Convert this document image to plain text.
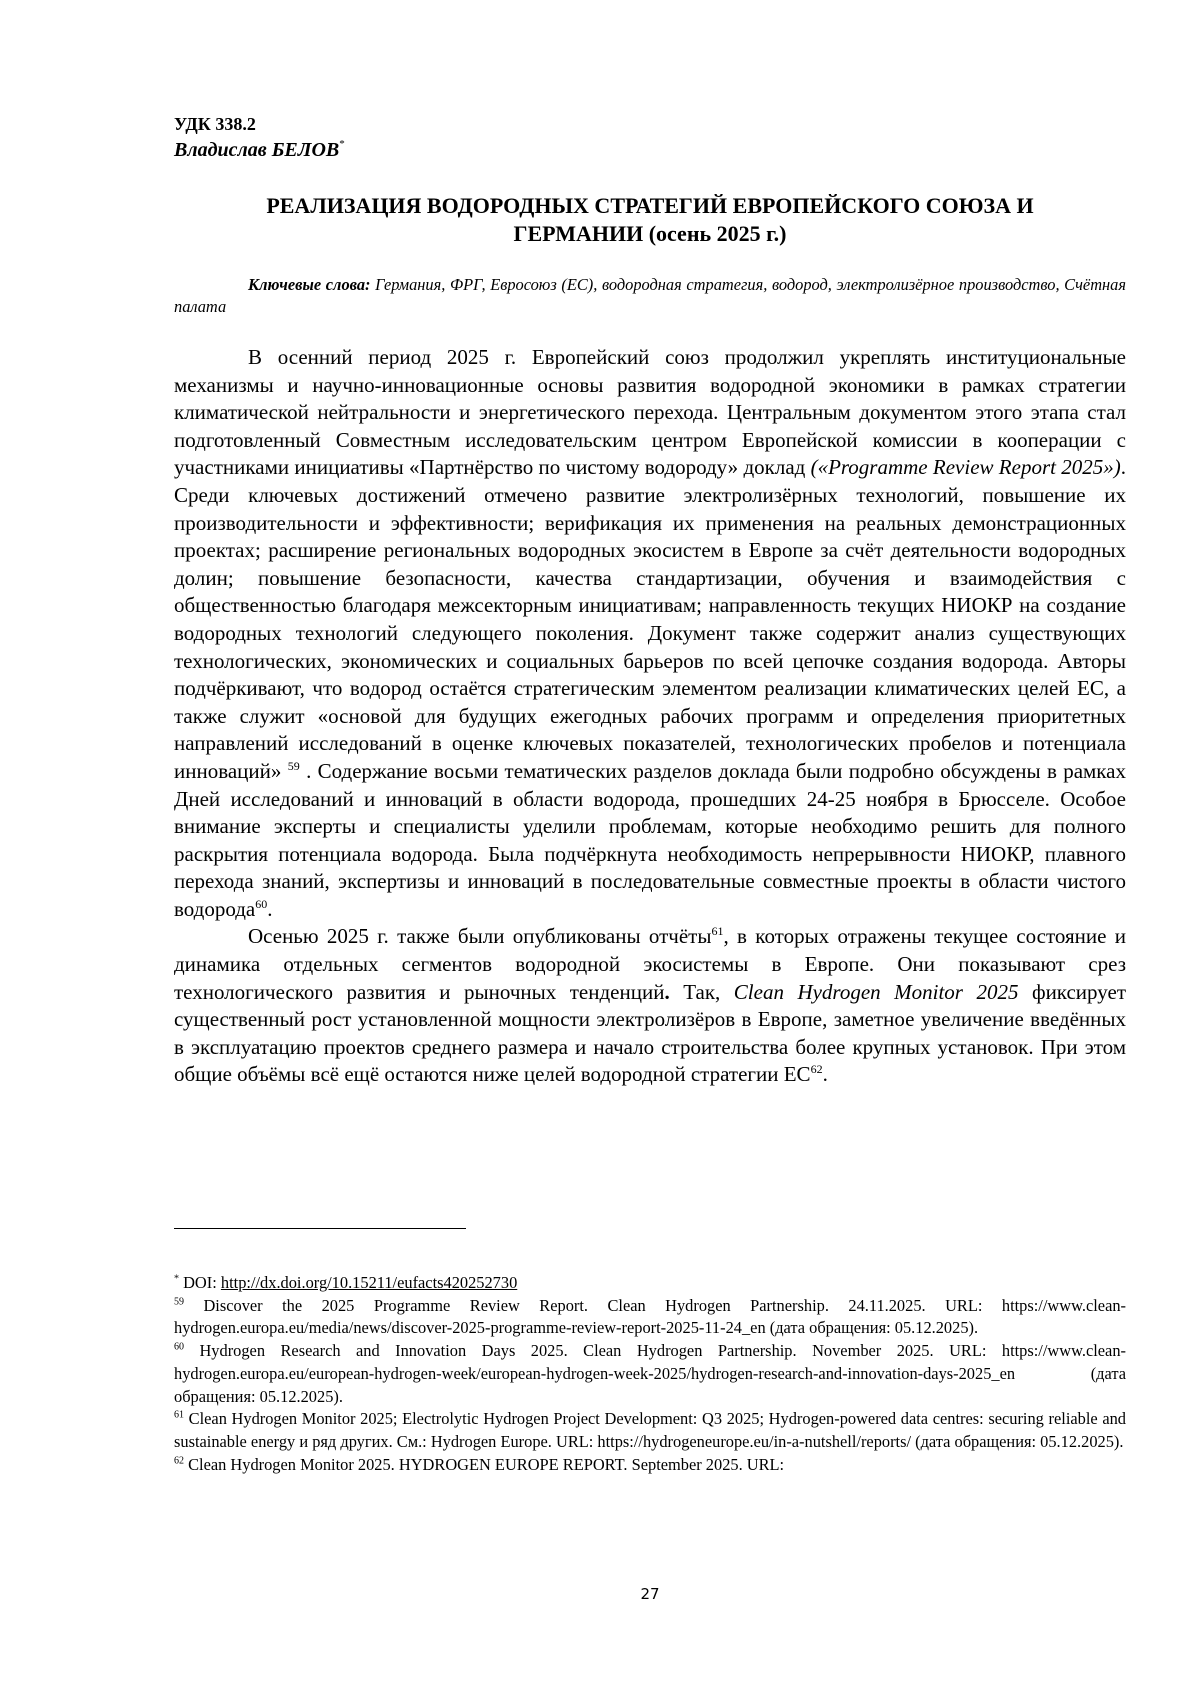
УДК 338.2
Владислав БЕЛОВ*
РЕАЛИЗАЦИЯ ВОДОРОДНЫХ СТРАТЕГИЙ ЕВРОПЕЙСКОГО СОЮЗА И
ГЕРМАНИИ (осень 2025 г.)
Ключевые слова: Германия, ФРГ, Евросоюз (ЕС), водородная стратегия, водород, электролизёрное производство, Счётная палата

В осенний период 2025 г. Европейский союз продолжил укреплять институциональные механизмы и научно-инновационные основы развития водородной экономики в рамках стратегии климатической нейтральности и энергетического перехода. Центральным документом этого этапа стал подготовленный Совместным исследовательским центром Европейской комиссии в кооперации с участниками инициативы «Партнёрство по чистому водороду» доклад («Programme Review Report 2025»). Среди ключевых достижений отмечено развитие электролизёрных технологий, повышение их производительности и эффективности; верификация их применения на реальных демонстрационных проектах; расширение региональных водородных экосистем в Европе за счёт деятельности водородных долин; повышение безопасности, качества стандартизации, обучения и взаимодействия с общественностью благодаря межсекторным инициативам; направленность текущих НИОКР на создание водородных технологий следующего поколения. Документ также содержит анализ существующих технологических, экономических и социальных барьеров по всей цепочке создания водорода. Авторы подчёркивают, что водород остаётся стратегическим элементом реализации климатических целей ЕС, а также служит «основой для будущих ежегодных рабочих программ и определения приоритетных направлений исследований в оценке ключевых показателей, технологических пробелов и потенциала инноваций» $^{59}$ . Содержание восьми тематических разделов доклада были подробно обсуждены в рамках Дней исследований и инноваций в области водорода, прошедших 24-25 ноября в Брюсселе. Особое внимание эксперты и специалисты уделили проблемам, которые необходимо решить для полного раскрытия потенциала водорода. Была подчёркнута необходимость непрерывности НИОКР, плавного перехода знаний, экспертизы и инноваций в последовательные совместные проекты в области чистого водорода$^{60}$.

Осенью 2025 г. также были опубликованы отчёты$^{61}$, в которых отражены текущее состояние и динамика отдельных сегментов водородной экосистемы в Европе. Они показывают срез технологического развития и рыночных тенденций. Так, Clean Hydrogen Monitor 2025 фиксирует существенный рост установленной мощности электролизёров в Европе, заметное увеличение введённых в эксплуатацию проектов среднего размера и начало строительства более крупных установок. При этом общие объёмы всё ещё остаются ниже целей водородной стратегии ЕС$^{62}$.

* DOI: http://dx.doi.org/10.15211/eufacts420252730

$^{59}$ Discover the 2025 Programme Review Report. Clean Hydrogen Partnership. 24.11.2025. URL: https://www.clean-hydrogen.europa.eu/media/news/discover-2025-programme-review-report-2025-11-24_en (дата обращения: 05.12.2025).

$^{60}$ Hydrogen Research and Innovation Days 2025. Clean Hydrogen Partnership. November 2025. URL: https://www.clean-hydrogen.europa.eu/european-hydrogen-week/european-hydrogen-week-2025/hydrogen-research-and-innovation-days-2025_en (дата обращения: 05.12.2025).

$^{61}$ Clean Hydrogen Monitor 2025; Electrolytic Hydrogen Project Development: Q3 2025; Hydrogen-powered data centres: securing reliable and sustainable energy и ряд других. См.: Hydrogen Europe. URL: https://hydrogeneurope.eu/in-a-nutshell/reports/ (дата обращения: 05.12.2025).

$^{62}$ Clean Hydrogen Monitor 2025. HYDROGEN EUROPE REPORT. September 2025. URL:

27
